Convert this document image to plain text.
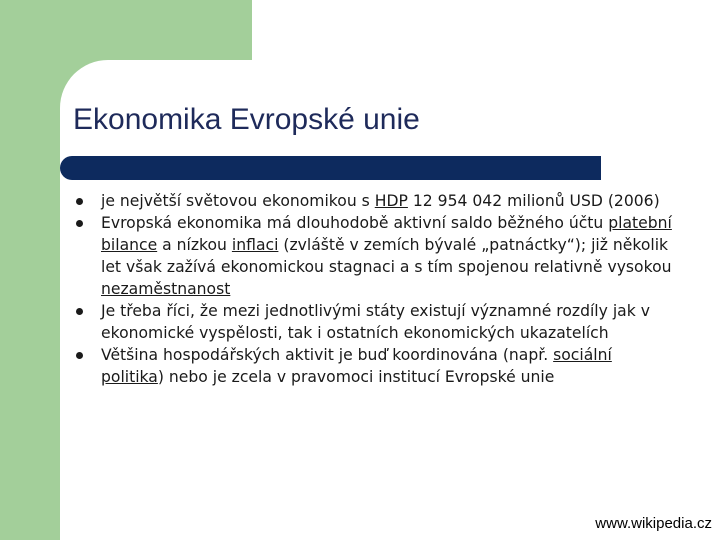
Ekonomika Evropské unie
je největší světovou ekonomikou s HDP 12 954 042 milionů USD (2006)
Evropská ekonomika má dlouhodobě aktivní saldo běžného účtu platební bilance a nízkou inflaci (zvláště v zemích bývalé „patnáctky“); již několik let však zažívá ekonomickou stagnaci a s tím spojenou relativně vysokou nezaměstnanost
Je třeba říci, že mezi jednotlivými státy existují významné rozdíly jak v ekonomické vyspělosti, tak i ostatních ekonomických ukazatelích
Většina hospodářských aktivit je buď koordinována (např. sociální politika) nebo je zcela v pravomoci institucí Evropské unie
www.wikipedia.cz
